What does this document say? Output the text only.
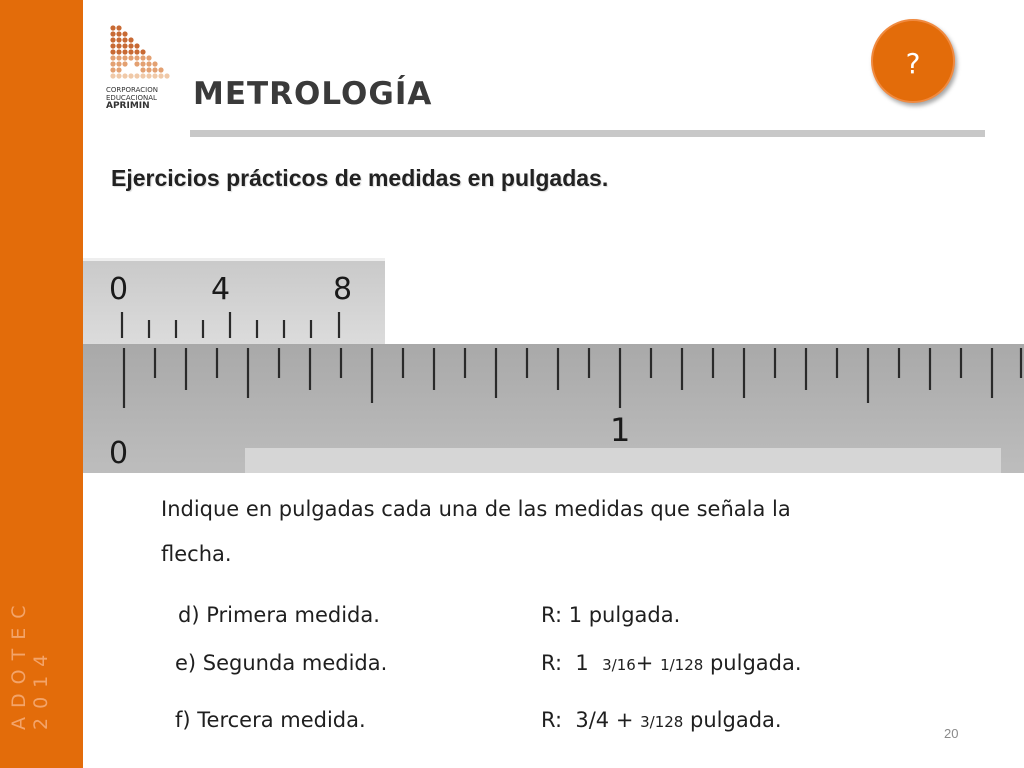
ADOTEC 2014
CORPORACION
EDUCACIONAL
APRIMIN	METROLOGÍA
?
Ejercicios prácticos de medidas en pulgadas.
0	4	8
0
1
Indique en pulgadas cada una de las medidas que señala la flecha.
d) Primera medida.	R: 1 pulgada.
e) Segunda medida.	R:  1  3/16+ 1/128 pulgada.
f) Tercera medida.	R:  3/4 + 3/128 pulgada.
20
